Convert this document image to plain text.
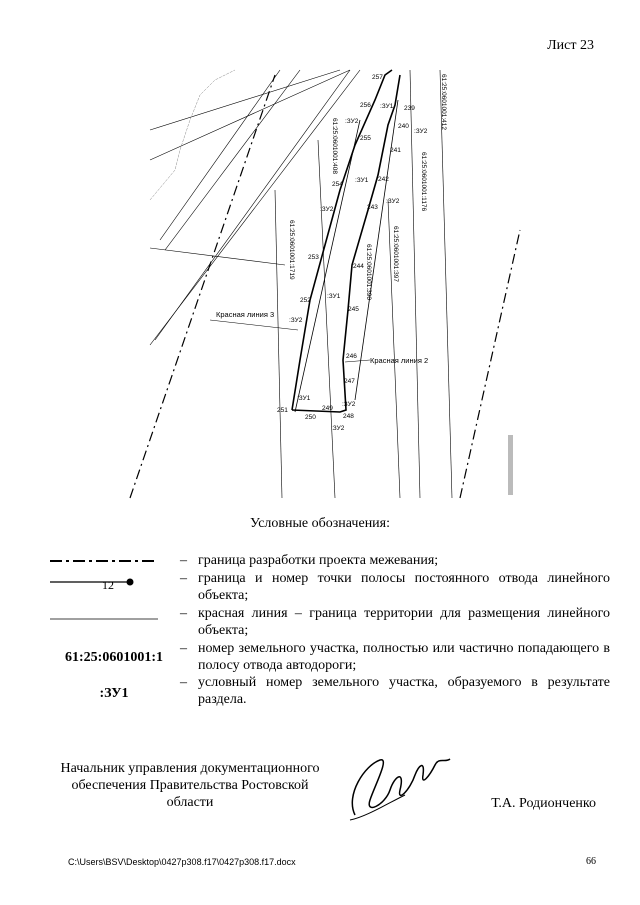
Лист 23
257
256	239
240
255
241
254
242
243
253
244
252
245
246
247
251
250
249
248
:ЗУ1
:ЗУ2
:ЗУ2
:ЗУ1
:ЗУ2
:ЗУ2
:ЗУ1
:ЗУ2
:ЗУ1
:ЗУ2
:ЗУ2
61:25:0601001:412
61:25:0601001:408
61:25:0601001:1176
61:25:0601001:1719	61:25:0601001:390	61:25:0601001:397
Красная линия 3
Красная линия 2
Условные обозначения:
– граница разработки проекта межевания;
12	– граница и номер точки полосы постоянного отвода линейного объекта;
– красная линия – граница территории для размещения линейного объекта;
61:25:0601001:1
– номер земельного участка, полностью или частично попадающего в полосу отвода автодороги;
:ЗУ1
– условный номер земельного участка, образуемого в результате раздела.
Начальник управления документационного обеспечения Правительства Ростовской области	Т.А. Родионченко
C:\Users\BSV\Desktop\0427p308.f17\0427p308.f17.docx	66
